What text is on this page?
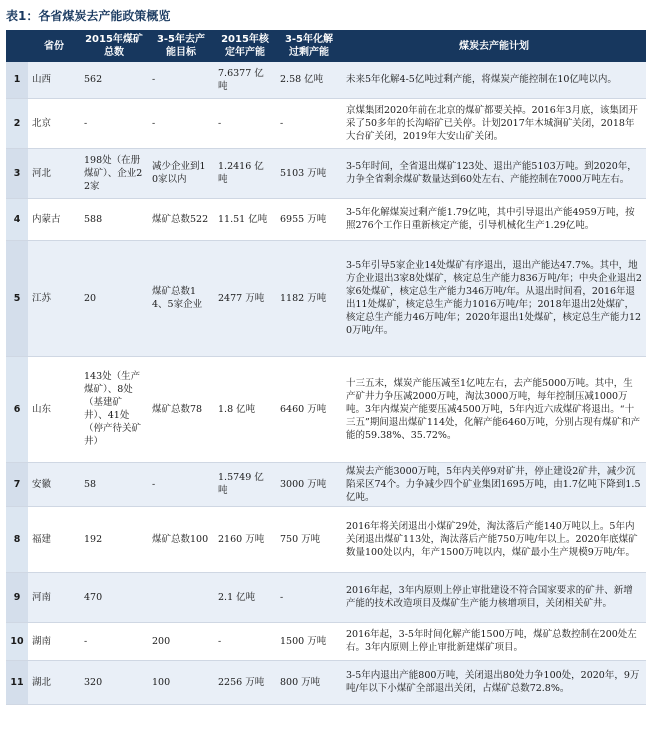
表1：各省煤炭去产能政策概览
	省份	2015年煤矿总数	3-5年去产能目标	2015年核定年产能	3-5年化解过剩产能	煤炭去产能计划
1	山西	562	-	7.6377 亿吨	2.58 亿吨	未来5年化解4-5亿吨过剩产能，将煤炭产能控制在10亿吨以内。
2	北京	-	-	-	-	京煤集团2020年前在北京的煤矿都要关掉。2016年3月底，该集团开采了50多年的长沟峪矿已关停。计划2017年木城涧矿关闭，2018年大台矿关闭，2019年大安山矿关闭。
3	河北	198处（在册煤矿）、企业22家	减少企业到10家以内	1.2416 亿吨	5103 万吨	3-5年时间，全省退出煤矿123处、退出产能5103万吨。到2020年，力争全省剩余煤矿数量达到60处左右、产能控制在7000万吨左右。
4	内蒙古	588	煤矿总数522	11.51 亿吨	6955 万吨	3-5年化解煤炭过剩产能1.79亿吨，其中引导退出产能4959万吨，按照276个工作日重新核定产能，引导机械化生产1.29亿吨。
5	江苏	20	煤矿总数14、5家企业	2477 万吨	1182 万吨	3-5年引导5家企业14处煤矿有序退出，退出产能达47.7%。其中，地方企业退出3家8处煤矿，核定总生产能力836万吨/年；中央企业退出2家6处煤矿，核定总生产能力346万吨/年。从退出时间看，2016年退出11处煤矿，核定总生产能力1016万吨/年；2018年退出2处煤矿，核定总生产能力46万吨/年；2020年退出1处煤矿，核定总生产能力120万吨/年。
6	山东	143处（生产煤矿）、8处（基建矿井）、41处（停产待关矿井）	煤矿总数78	1.8 亿吨	6460 万吨	十三五末，煤炭产能压减至1亿吨左右，去产能5000万吨。其中，生产矿井力争压减2000万吨，淘汰3000万吨，每年控制压减1000万吨。3年内煤炭产能要压减4500万吨，5年内近六成煤矿将退出。“十三五”期间退出煤矿114处，化解产能6460万吨，分别占现有煤矿和产能的59.38%、35.72%。
7	安徽	58	-	1.5749 亿吨	3000 万吨	煤炭去产能3000万吨，5年内关停9对矿井，停止建设2矿井，减少沉陷采区74个。力争减少四个矿业集团1695万吨，由1.7亿吨下降到1.5亿吨。
8	福建	192	煤矿总数100	2160 万吨	750 万吨	2016年将关闭退出小煤矿29处，淘汰落后产能140万吨以上。5年内关闭退出煤矿113处，淘汰落后产能750万吨/年以上。2020年底煤矿数量100处以内，年产1500万吨以内，煤矿最小生产规模9万吨/年。
9	河南	470		2.1 亿吨	-	2016年起，3年内原则上停止审批建设不符合国家要求的矿井、新增产能的技术改造项目及煤矿生产能力核增项目，关闭相关矿井。
10	湖南	-	200	-	1500 万吨	2016年起，3-5年时间化解产能1500万吨，煤矿总数控制在200处左右。3年内原则上停止审批新建煤矿项目。
11	湖北	320	100	2256 万吨	800 万吨	3-5年内退出产能800万吨，关闭退出80处力争100处，2020年，9万吨/年以下小煤矿全部退出关闭，占煤矿总数72.8%。
